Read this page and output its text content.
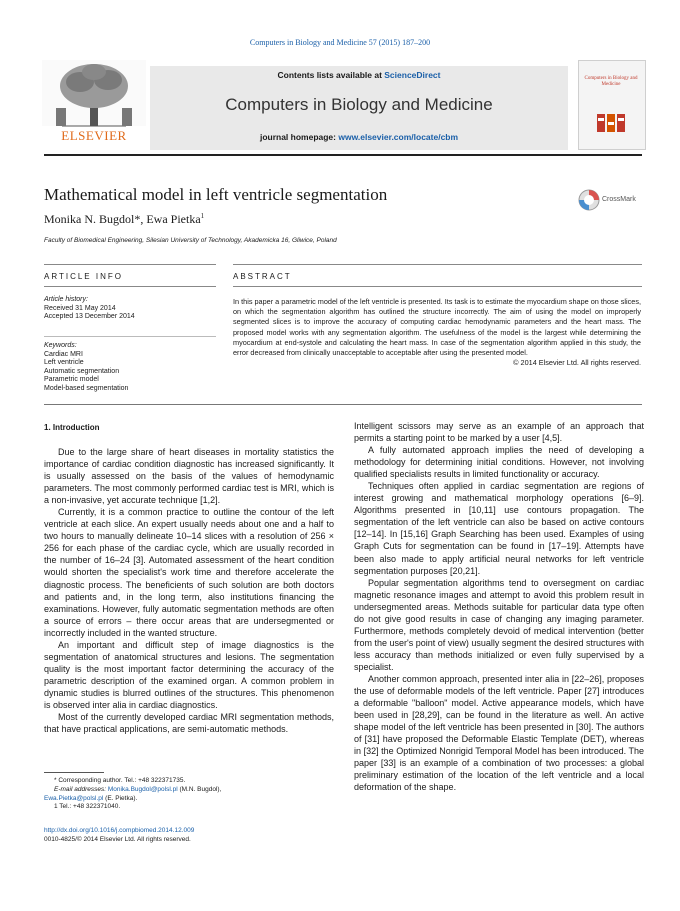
Computers in Biology and Medicine 57 (2015) 187–200
Contents lists available at ScienceDirect
Computers in Biology and Medicine
journal homepage: www.elsevier.com/locate/cbm
ELSEVIER
Computers in Biology and Medicine
Mathematical model in left ventricle segmentation
Monika N. Bugdol*, Ewa Pietka$^1$
Faculty of Biomedical Engineering, Silesian University of Technology, Akademicka 16, Gliwice, Poland
CrossMark
ARTICLE INFO	ABSTRACT
Article history:
Received 31 May 2014
Accepted 13 December 2014
Keywords:
Cardiac MRI
Left ventricle
Automatic segmentation
Parametric model
Model-based segmentation
In this paper a parametric model of the left ventricle is presented. Its task is to estimate the myocardium shape on those slices, on which the segmentation algorithm has outlined the structure incorrectly. The aim of using the model on improperly segmented slices is to improve the accuracy of computing cardiac hemodynamic parameters and the heart mass. The proposed model works with any segmentation algorithm. The usefulness of the model is the largest while determining the myocardium at end-systole and calculating the heart mass. In case of the segmentation algorithm applied in this study, the error decreased from clinically unacceptable to acceptable after using the presented model.
© 2014 Elsevier Ltd. All rights reserved.
1. Introduction

Due to the large share of heart diseases in mortality statistics the importance of cardiac condition diagnostic has increased significantly. It is usually assessed on the basis of the values of hemodynamic parameters. The most commonly performed cardiac test is MRI, which is a non-invasive, yet accurate technique [1,2].

Currently, it is a common practice to outline the contour of the left ventricle at each slice. An expert usually needs about one and a half to two hours to manually delineate 10–14 slices with a resolution of 256 × 256 for each phase of the cardiac cycle, which are usually recorded in the number of 16–24 [3]. Automated assessment of the heart condition would shorten the specialist's work time and therefore accelerate the diagnostic process. The beneficients of such solution are both doctors and patients and, in the long term, also institutions financing the examinations. However, fully automatic segmentation methods are often a source of errors – there occur areas that are undersegmented or incorrectly included in the wanted structure.

An important and difficult step of image diagnostics is the segmentation of anatomical structures and lesions. The segmentation quality is the most important factor determining the accuracy of the parametric description of the examined organ. A common problem in dynamic studies is blurred outlines of the structures. This phenomenon is observed inter alia in cardiac diagnostics.

Most of the currently developed cardiac MRI segmentation methods, that have practical applications, are semi-automatic methods.

Intelligent scissors may serve as an example of an approach that permits a starting point to be marked by a user [4,5].

A fully automated approach implies the need of developing a methodology for determining initial conditions. However, not involving qualified specialists results in limited functionality or accuracy.

Techniques often applied in cardiac segmentation are regions of interest growing and mathematical morphology operations [6–9]. Algorithms presented in [10,11] use contours propagation. The segmentation of the left ventricle can also be based on active contours [12–14]. In [15,16] Graph Searching has been used. Examples of using Graph Cuts for segmentation can be found in [17–19]. Attempts have been also made to apply artificial neural networks for left ventricle segmentation purposes [20,21].

Popular segmentation algorithms tend to oversegment on cardiac magnetic resonance images and attempt to avoid this problem result in undersegmented areas. Methods suitable for particular data type often do not give good results in case of changing any imaging parameter. Furthermore, methods completely devoid of medical intervention (better from the user's point of view) usually segment the desired structures with less accuracy than methods initialized or even fully supervised by a specialist.

Another common approach, presented inter alia in [22–26], proposes the use of deformable models of the left ventricle. Paper [27] introduces a deformable "balloon" model. Active appearance models, which have been used in [28,29], can be found in the literature as well. An active shape model of the left ventricle has been presented in [30]. The authors of [31] have proposed the Deformable Elastic Template (DET), whereas in [32] the Optimized Nonrigid Temporal Model has been introduced. The paper [33] is an example of a combination of two processes: a global preliminary estimation of the location of the left ventricle and a local deformation of the shape.

* Corresponding author. Tel.: +48 322371735.
E-mail addresses: Monika.Bugdol@polsl.pl (M.N. Bugdol),
Ewa.Pietka@polsl.pl (E. Pietka).
1 Tel.: +48 322371040.
http://dx.doi.org/10.1016/j.compbiomed.2014.12.009
0010-4825/© 2014 Elsevier Ltd. All rights reserved.
